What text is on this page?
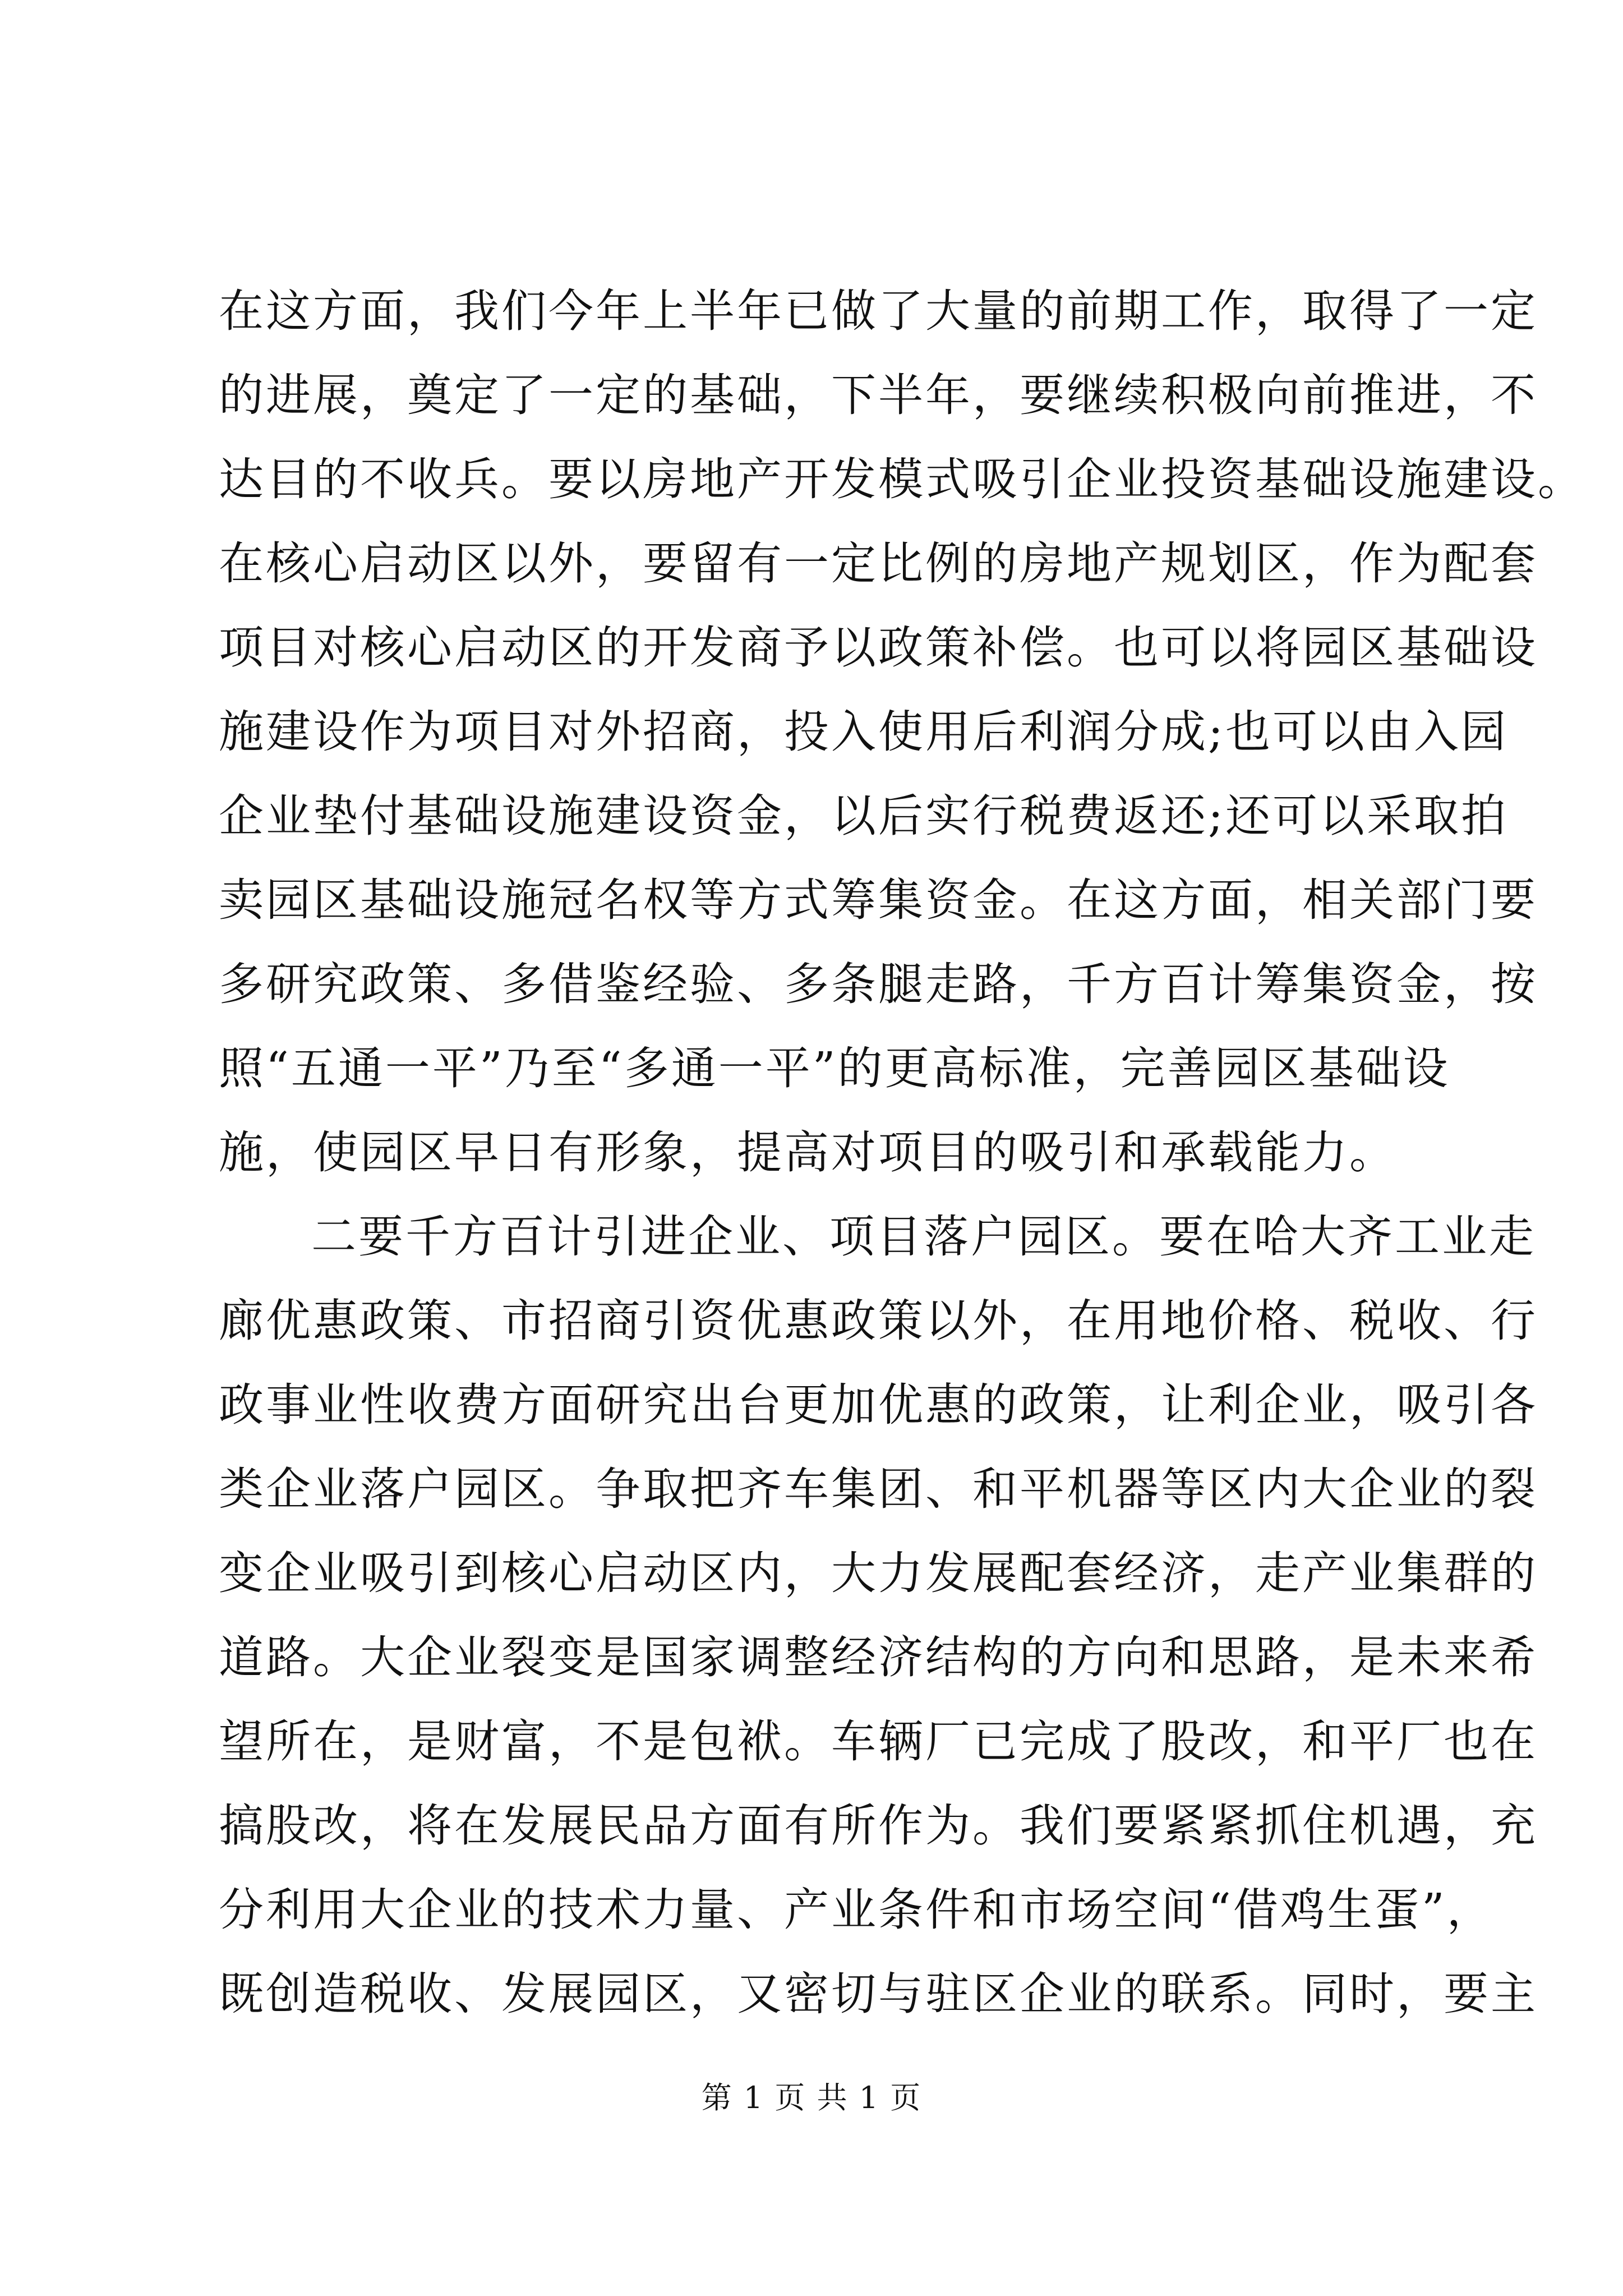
在这方面，我们今年上半年已做了大量的前期工作，取得了一定
的进展，奠定了一定的基础，下半年，要继续积极向前推进，不
达目的不收兵。要以房地产开发模式吸引企业投资基础设施建设。
在核心启动区以外，要留有一定比例的房地产规划区，作为配套
项目对核心启动区的开发商予以政策补偿。也可以将园区基础设
施建设作为项目对外招商，投入使用后利润分成;也可以由入园
企业垫付基础设施建设资金，以后实行税费返还;还可以采取拍
卖园区基础设施冠名权等方式筹集资金。在这方面，相关部门要
多研究政策、多借鉴经验、多条腿走路，千方百计筹集资金，按
照“五通一平”乃至“多通一平”的更高标准，完善园区基础设
施，使园区早日有形象，提高对项目的吸引和承载能力。
二要千方百计引进企业、项目落户园区。要在哈大齐工业走
廊优惠政策、市招商引资优惠政策以外，在用地价格、税收、行
政事业性收费方面研究出台更加优惠的政策，让利企业，吸引各
类企业落户园区。争取把齐车集团、和平机器等区内大企业的裂
变企业吸引到核心启动区内，大力发展配套经济，走产业集群的
道路。大企业裂变是国家调整经济结构的方向和思路，是未来希
望所在，是财富，不是包袱。车辆厂已完成了股改，和平厂也在
搞股改，将在发展民品方面有所作为。我们要紧紧抓住机遇，充
分利用大企业的技术力量、产业条件和市场空间“借鸡生蛋”，
既创造税收、发展园区，又密切与驻区企业的联系。同时，要主
第 1 页 共 1 页
